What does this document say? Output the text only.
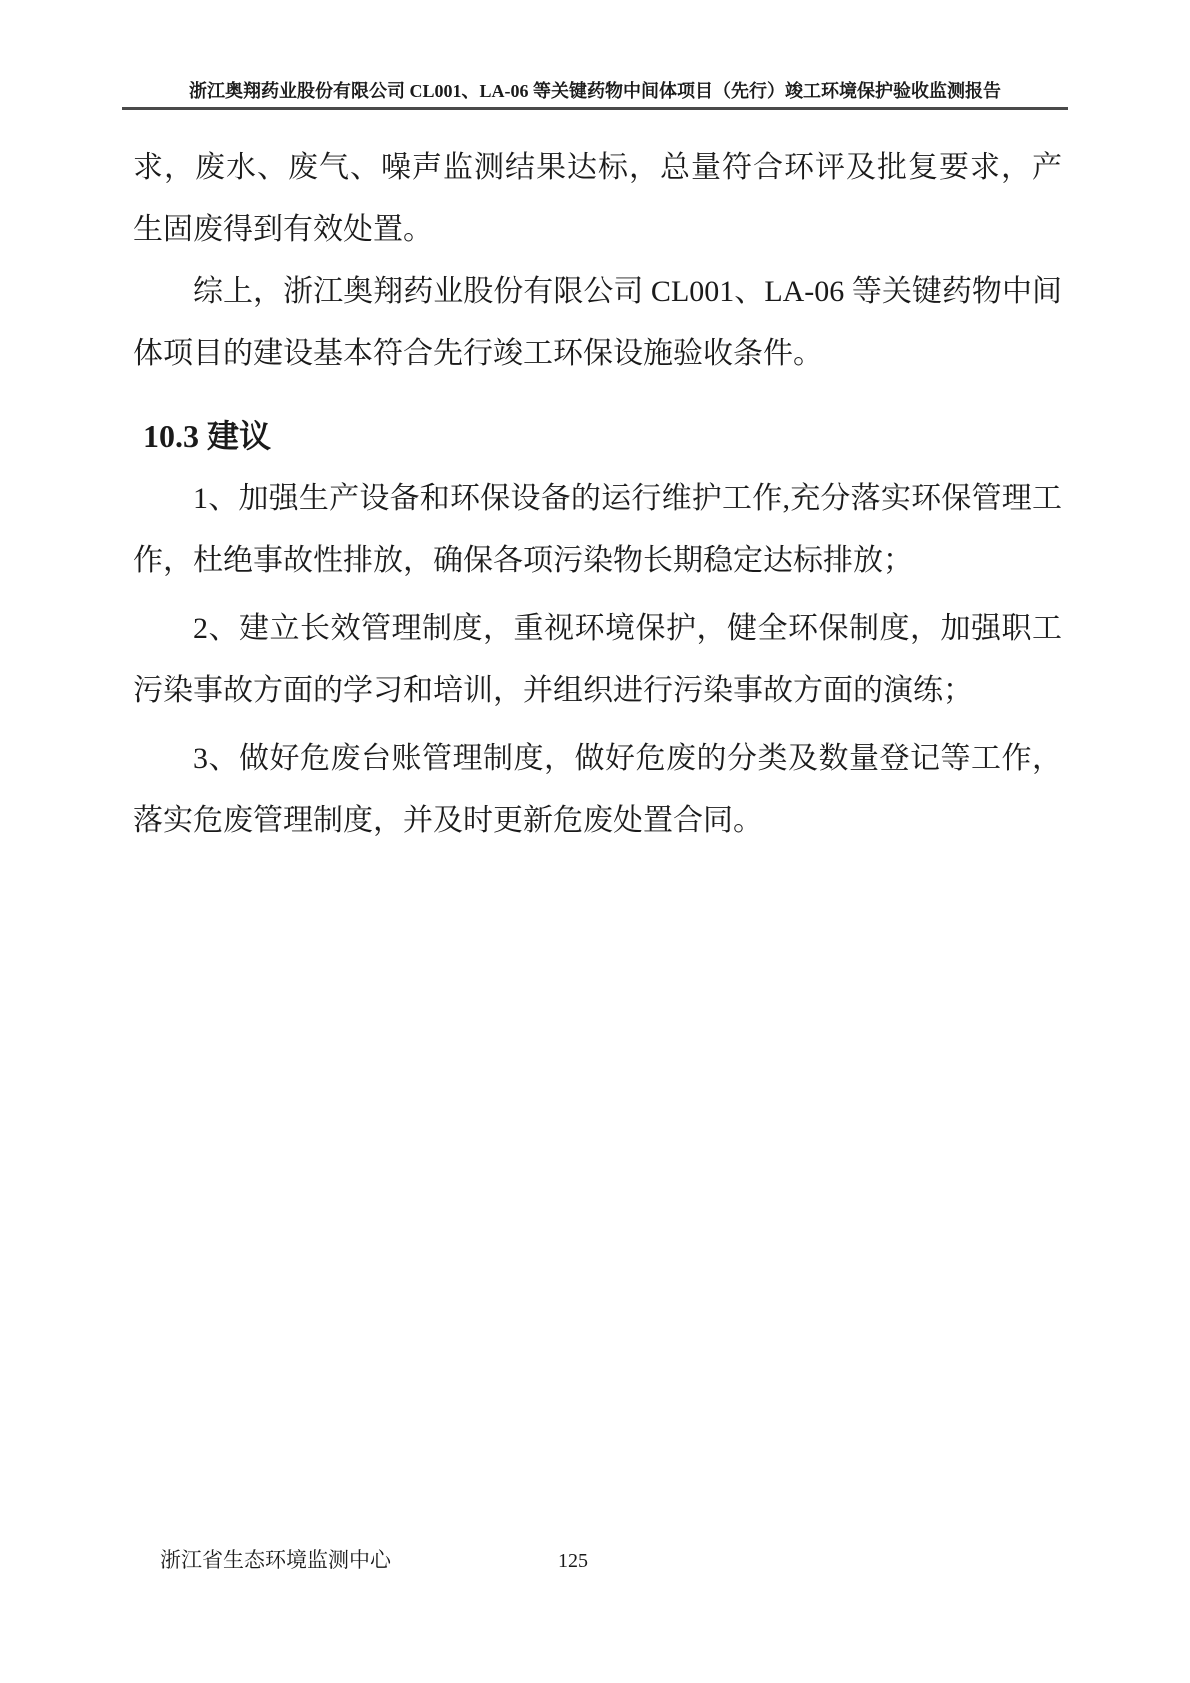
浙江奥翔药业股份有限公司 CL001、LA-06 等关键药物中间体项目（先行）竣工环境保护验收监测报告

求，废水、废气、噪声监测结果达标，总量符合环评及批复要求，产生固废得到有效处置。

综上，浙江奥翔药业股份有限公司 CL001、LA-06 等关键药物中间体项目的建设基本符合先行竣工环保设施验收条件。

10.3 建议

1、加强生产设备和环保设备的运行维护工作,充分落实环保管理工作，杜绝事故性排放，确保各项污染物长期稳定达标排放；

2、建立长效管理制度，重视环境保护，健全环保制度，加强职工污染事故方面的学习和培训，并组织进行污染事故方面的演练；

3、做好危废台账管理制度，做好危废的分类及数量登记等工作，落实危废管理制度，并及时更新危废处置合同。

125
浙江省生态环境监测中心
